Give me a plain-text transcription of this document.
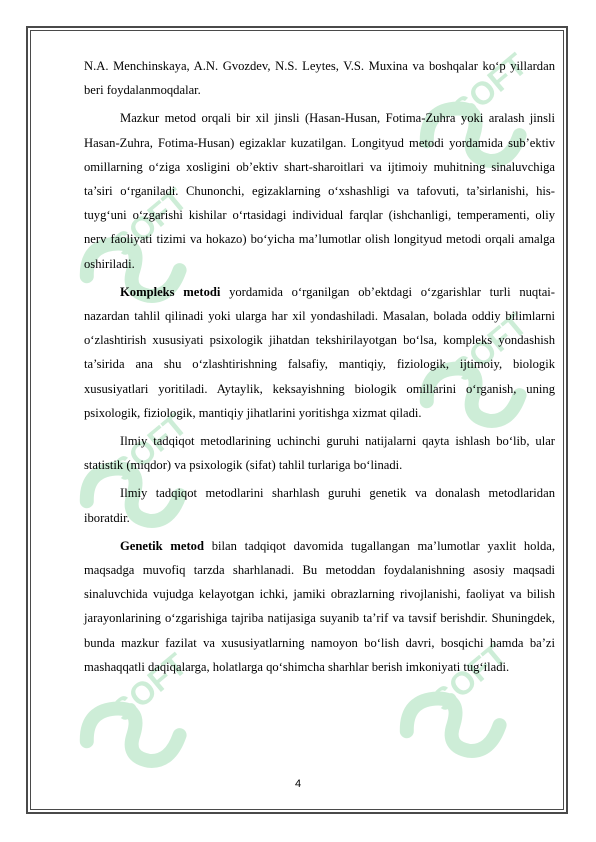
SOFT
SOFT
SOFT
SOFT
SOFT	SOFT

N.A. Menchinskaya, A.N. Gvozdev, N.S. Leytes, V.S. Muxina va boshqalar ko‘p yillardan beri foydalanmoqdalar.

Mazkur metod orqali bir xil jinsli (Hasan-Husan, Fotima-Zuhra yoki aralash jinsli Hasan-Zuhra, Fotima-Husan) egizaklar kuzatilgan. Longityud metodi yordamida sub’ektiv omillarning o‘ziga xosligini ob’ektiv shart-sharoitlari va ijtimoiy muhitning sinaluvchiga ta’siri o‘rganiladi. Chunonchi, egizaklarning o‘xshashligi va tafovuti, ta’sirlanishi, his-tuyg‘uni o‘zgarishi kishilar o‘rtasidagi individual farqlar (ishchanligi, temperamenti, oliy nerv faoliyati tizimi va hokazo) bo‘yicha ma’lumotlar olish longityud metodi orqali amalga oshiriladi.

Kompleks metodi yordamida o‘rganilgan ob’ektdagi o‘zgarishlar turli nuqtai-nazardan tahlil qilinadi yoki ularga har xil yondashiladi. Masalan, bolada oddiy bilimlarni o‘zlashtirish xususiyati psixologik jihatdan tekshirilayotgan bo‘lsa, kompleks yondashish ta’sirida ana shu o‘zlashtirishning falsafiy, mantiqiy, fiziologik, ijtimoiy, biologik xususiyatlari yoritiladi. Aytaylik, keksayishning biologik omillarini o‘rganish, uning psixologik, fiziologik, mantiqiy jihatlarini yoritishga xizmat qiladi.

Ilmiy tadqiqot metodlarining uchinchi guruhi natijalarni qayta ishlash bo‘lib, ular statistik (miqdor) va psixologik (sifat) tahlil turlariga bo‘linadi.

Ilmiy tadqiqot metodlarini sharhlash guruhi genetik va donalash metodlaridan iboratdir.

Genetik metod bilan tadqiqot davomida tugallangan ma’lumotlar yaxlit holda, maqsadga muvofiq tarzda sharhlanadi. Bu metoddan foydalanishning asosiy maqsadi sinaluvchida vujudga kelayotgan ichki, jamiki obrazlarning rivojlanishi, faoliyat va bilish jarayonlarining o‘zgarishiga tajriba natijasiga suyanib ta’rif va tavsif berishdir. Shuningdek, bunda mazkur fazilat va xususiyatlarning namoyon bo‘lish davri, bosqichi hamda ba’zi mashaqqatli daqiqalarga, holatlarga qo‘shimcha sharhlar berish imkoniyati tug‘iladi.

4
